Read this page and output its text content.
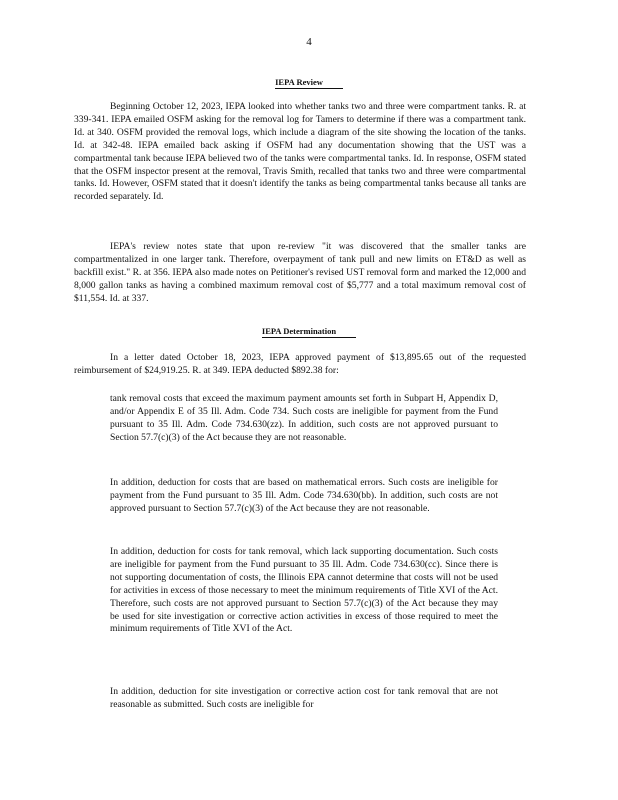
4
IEPA Review

Beginning October 12, 2023, IEPA looked into whether tanks two and three were compartment tanks. R. at 339-341. IEPA emailed OSFM asking for the removal log for Tamers to determine if there was a compartment tank. Id. at 340. OSFM provided the removal logs, which include a diagram of the site showing the location of the tanks. Id. at 342-48. IEPA emailed back asking if OSFM had any documentation showing that the UST was a compartmental tank because IEPA believed two of the tanks were compartmental tanks. Id. In response, OSFM stated that the OSFM inspector present at the removal, Travis Smith, recalled that tanks two and three were compartmental tanks. Id. However, OSFM stated that it doesn't identify the tanks as being compartmental tanks because all tanks are recorded separately. Id.

IEPA's review notes state that upon re-review "it was discovered that the smaller tanks are compartmentalized in one larger tank. Therefore, overpayment of tank pull and new limits on ET&D as well as backfill exist." R. at 356. IEPA also made notes on Petitioner's revised UST removal form and marked the 12,000 and 8,000 gallon tanks as having a combined maximum removal cost of $5,777 and a total maximum removal cost of $11,554. Id. at 337.

IEPA Determination

In a letter dated October 18, 2023, IEPA approved payment of $13,895.65 out of the requested reimbursement of $24,919.25. R. at 349. IEPA deducted $892.38 for:

tank removal costs that exceed the maximum payment amounts set forth in Subpart H, Appendix D, and/or Appendix E of 35 Ill. Adm. Code 734. Such costs are ineligible for payment from the Fund pursuant to 35 Ill. Adm. Code 734.630(zz). In addition, such costs are not approved pursuant to Section 57.7(c)(3) of the Act because they are not reasonable.

In addition, deduction for costs that are based on mathematical errors. Such costs are ineligible for payment from the Fund pursuant to 35 Ill. Adm. Code 734.630(bb). In addition, such costs are not approved pursuant to Section 57.7(c)(3) of the Act because they are not reasonable.

In addition, deduction for costs for tank removal, which lack supporting documentation. Such costs are ineligible for payment from the Fund pursuant to 35 Ill. Adm. Code 734.630(cc). Since there is not supporting documentation of costs, the Illinois EPA cannot determine that costs will not be used for activities in excess of those necessary to meet the minimum requirements of Title XVI of the Act. Therefore, such costs are not approved pursuant to Section 57.7(c)(3) of the Act because they may be used for site investigation or corrective action activities in excess of those required to meet the minimum requirements of Title XVI of the Act.

In addition, deduction for site investigation or corrective action cost for tank removal that are not reasonable as submitted. Such costs are ineligible for
